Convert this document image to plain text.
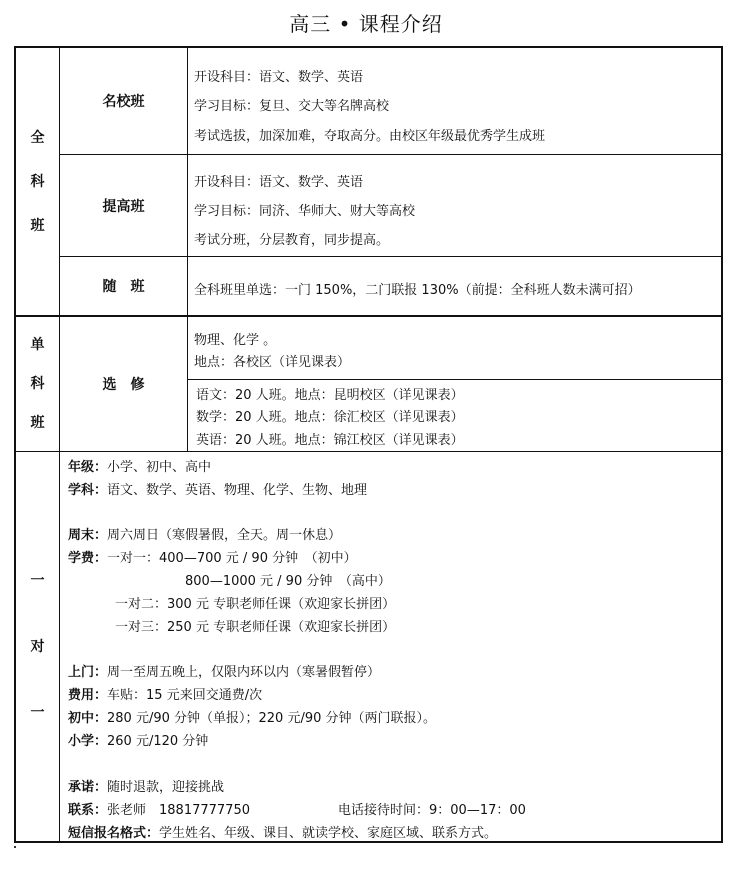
高三 • 课程介绍
全
科
班
名校班
开设科目：语文、数学、英语
学习目标：复旦、交大等名牌高校
考试选拔，加深加难，夺取高分。由校区年级最优秀学生成班
提高班
开设科目：语文、数学、英语
学习目标：同济、华师大、财大等高校
考试分班，分层教育，同步提高。
随　班	全科班里单选：一门 150%，二门联报 130%（前提：全科班人数未满可招）
单
科
班
选　修
物理、化学 。
地点：各校区（详见课表）
语文：20 人班。地点：昆明校区（详见课表）
数学：20 人班。地点：徐汇校区（详见课表）
英语：20 人班。地点：锦江校区（详见课表）
一
对
一
年级：小学、初中、高中
学科：语文、数学、英语、物理、化学、生物、地理
周末：周六周日（寒假暑假，全天。周一休息）
学费：一对一：400—700 元 / 90 分钟　（初中）
800—1000 元 / 90 分钟　（高中）
一对二：300 元 专职老师任课（欢迎家长拼团）
一对三：250 元 专职老师任课（欢迎家长拼团）
上门：周一至周五晚上，仅限内环以内（寒暑假暂停）
费用：车贴：15 元来回交通费/次
初中：280 元/90 分钟（单报）；220 元/90 分钟（两门联报）。
小学：260 元/120 分钟
承诺：随时退款，迎接挑战
联系：张老师　18817777750	电话接待时间：9：00—17：00
短信报名格式：学生姓名、年级、课目、就读学校、家庭区域、联系方式。
